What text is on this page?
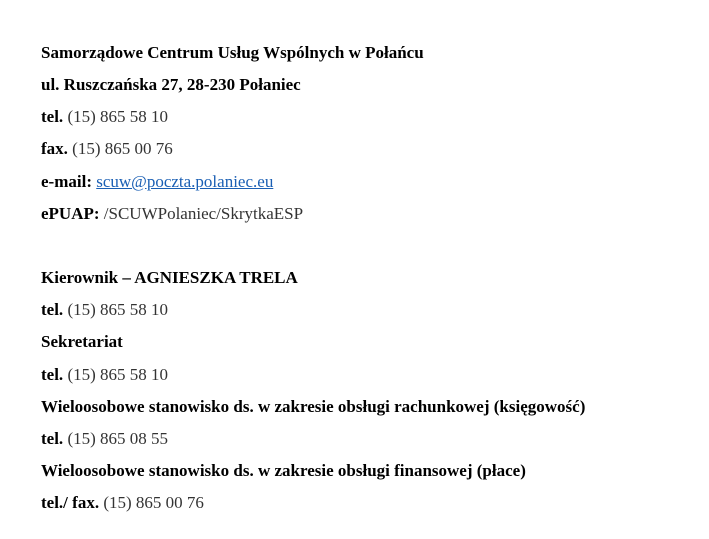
Samorządowe Centrum Usług Wspólnych w Połańcu
ul. Ruszczańska 27, 28-230 Połaniec
tel. (15) 865 58 10
fax. (15) 865 00 76
e-mail: scuw@poczta.polaniec.eu
ePUAP: /SCUWPolaniec/SkrytkaESP
Kierownik – AGNIESZKA TRELA
tel. (15) 865 58 10
Sekretariat
tel. (15) 865 58 10
Wieloosobowe stanowisko ds. w zakresie obsługi rachunkowej (księgowość)
tel. (15) 865 08 55
Wieloosobowe stanowisko ds. w zakresie obsługi finansowej (płace)
tel./ fax. (15) 865 00 76
